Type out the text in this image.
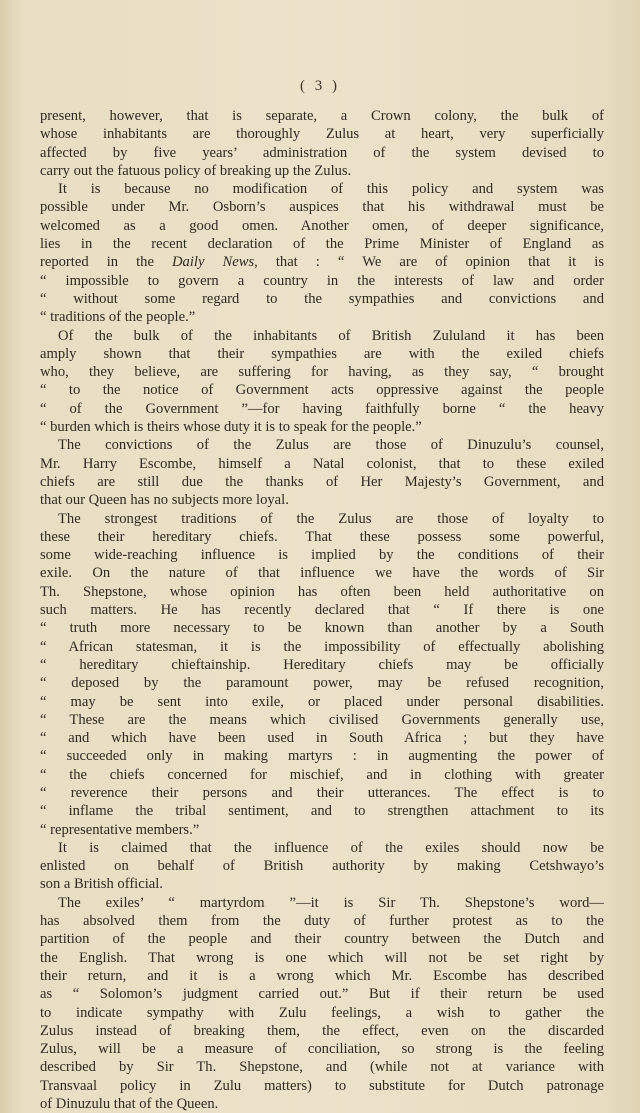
( 3 )
present, however, that is separate, a Crown colony, the bulk of
whose inhabitants are thoroughly Zulus at heart, very superficially
affected by five years’ administration of the system devised to
carry out the fatuous policy of breaking up the Zulus.
It is because no modification of this policy and system was
possible under Mr. Osborn’s auspices that his withdrawal must be
welcomed as a good omen. Another omen, of deeper significance,
lies in the recent declaration of the Prime Minister of England as
reported in the Daily News, that : “ We are of opinion that it is
“ impossible to govern a country in the interests of law and order
“ without some regard to the sympathies and convictions and
“ traditions of the people.”
Of the bulk of the inhabitants of British Zululand it has been
amply shown that their sympathies are with the exiled chiefs
who, they believe, are suffering for having, as they say, “ brought
“ to the notice of Government acts oppressive against the people
“ of the Government ”—for having faithfully borne “ the heavy
“ burden which is theirs whose duty it is to speak for the people.”
The convictions of the Zulus are those of Dinuzulu’s counsel,
Mr. Harry Escombe, himself a Natal colonist, that to these exiled
chiefs are still due the thanks of Her Majesty’s Government, and
that our Queen has no subjects more loyal.
The strongest traditions of the Zulus are those of loyalty to
these their hereditary chiefs. That these possess some powerful,
some wide-reaching influence is implied by the conditions of their
exile. On the nature of that influence we have the words of Sir
Th. Shepstone, whose opinion has often been held authoritative on
such matters. He has recently declared that “ If there is one
“ truth more necessary to be known than another by a South
“ African statesman, it is the impossibility of effectually abolishing
“ hereditary chieftainship. Hereditary chiefs may be officially
“ deposed by the paramount power, may be refused recognition,
“ may be sent into exile, or placed under personal disabilities.
“ These are the means which civilised Governments generally use,
“ and which have been used in South Africa ; but they have
“ succeeded only in making martyrs : in augmenting the power of
“ the chiefs concerned for mischief, and in clothing with greater
“ reverence their persons and their utterances. The effect is to
“ inflame the tribal sentiment, and to strengthen attachment to its
“ representative members.”
It is claimed that the influence of the exiles should now be
enlisted on behalf of British authority by making Cetshwayo’s
son a British official.
The exiles’ “ martyrdom ”—it is Sir Th. Shepstone’s word—
has absolved them from the duty of further protest as to the
partition of the people and their country between the Dutch and
the English. That wrong is one which will not be set right by
their return, and it is a wrong which Mr. Escombe has described
as “ Solomon’s judgment carried out.” But if their return be used
to indicate sympathy with Zulu feelings, a wish to gather the
Zulus instead of breaking them, the effect, even on the discarded
Zulus, will be a measure of conciliation, so strong is the feeling
described by Sir Th. Shepstone, and (while not at variance with
Transvaal policy in Zulu matters) to substitute for Dutch patronage
of Dinuzulu that of the Queen.
